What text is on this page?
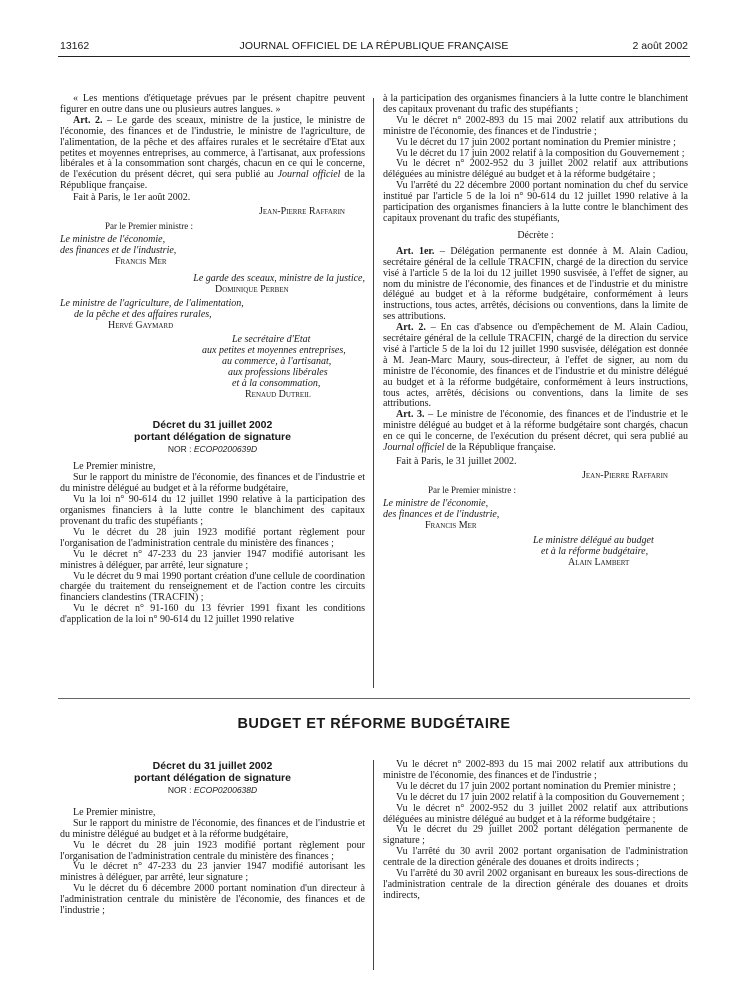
13162	JOURNAL OFFICIEL DE LA RÉPUBLIQUE FRANÇAISE	2 août 2002

« Les mentions d'étiquetage prévues par le présent chapitre peuvent figurer en outre dans une ou plusieurs autres langues. »

Art. 2. – Le garde des sceaux, ministre de la justice, le ministre de l'économie, des finances et de l'industrie, le ministre de l'agriculture, de l'alimentation, de la pêche et des affaires rurales et le secrétaire d'Etat aux petites et moyennes entreprises, au commerce, à l'artisanat, aux professions libérales et à la consommation sont chargés, chacun en ce qui le concerne, de l'exécution du présent décret, qui sera publié au Journal officiel de la République française.

Fait à Paris, le 1er août 2002.

Jean-Pierre Raffarin

Par le Premier ministre :

Le ministre de l'économie,

des finances et de l'industrie,

Francis Mer

Le garde des sceaux, ministre de la justice,

Dominique Perben

Le ministre de l'agriculture, de l'alimentation,

de la pêche et des affaires rurales,

Hervé Gaymard

Le secrétaire d'Etat

aux petites et moyennes entreprises,

au commerce, à l'artisanat,

aux professions libérales

et à la consommation,

Renaud Dutreil

Décret du 31 juillet 2002

portant délégation de signature

NOR : ECOP0200639D

Le Premier ministre,

Sur le rapport du ministre de l'économie, des finances et de l'industrie et du ministre délégué au budget et à la réforme budgétaire,

Vu la loi n° 90-614 du 12 juillet 1990 relative à la participation des organismes financiers à la lutte contre le blanchiment des capitaux provenant du trafic des stupéfiants ;

Vu le décret du 28 juin 1923 modifié portant règlement pour l'organisation de l'administration centrale du ministère des finances ;

Vu le décret n° 47-233 du 23 janvier 1947 modifié autorisant les ministres à déléguer, par arrêté, leur signature ;

Vu le décret du 9 mai 1990 portant création d'une cellule de coordination chargée du traitement du renseignement et de l'action contre les circuits financiers clandestins (TRACFIN) ;

Vu le décret n° 91-160 du 13 février 1991 fixant les conditions d'application de la loi n° 90-614 du 12 juillet 1990 relative

à la participation des organismes financiers à la lutte contre le blanchiment des capitaux provenant du trafic des stupéfiants ;

Vu le décret n° 2002-893 du 15 mai 2002 relatif aux attributions du ministre de l'économie, des finances et de l'industrie ;

Vu le décret du 17 juin 2002 portant nomination du Premier ministre ;

Vu le décret du 17 juin 2002 relatif à la composition du Gouvernement ;

Vu le décret n° 2002-952 du 3 juillet 2002 relatif aux attributions déléguées au ministre délégué au budget et à la réforme budgétaire ;

Vu l'arrêté du 22 décembre 2000 portant nomination du chef du service institué par l'article 5 de la loi n° 90-614 du 12 juillet 1990 relative à la participation des organismes financiers à la lutte contre le blanchiment des capitaux provenant du trafic des stupéfiants,

Décrète :

Art. 1er. – Délégation permanente est donnée à M. Alain Cadiou, secrétaire général de la cellule TRACFIN, chargé de la direction du service visé à l'article 5 de la loi du 12 juillet 1990 susvisée, à l'effet de signer, au nom du ministre de l'économie, des finances et de l'industrie et du ministre délégué au budget et à la réforme budgétaire, conformément à leurs instructions, tous actes, arrêtés, décisions ou conventions, dans la limite de ses attributions.

Art. 2. – En cas d'absence ou d'empêchement de M. Alain Cadiou, secrétaire général de la cellule TRACFIN, chargé de la direction du service visé à l'article 5 de la loi du 12 juillet 1990 susvisée, délégation est donnée à M. Jean-Marc Maury, sous-directeur, à l'effet de signer, au nom du ministre de l'économie, des finances et de l'industrie et du ministre délégué au budget et à la réforme budgétaire, conformément à leurs instructions, tous actes, arrêtés, décisions ou conventions, dans la limite de ses attributions.

Art. 3. – Le ministre de l'économie, des finances et de l'industrie et le ministre délégué au budget et à la réforme budgétaire sont chargés, chacun en ce qui le concerne, de l'exécution du présent décret, qui sera publié au Journal officiel de la République française.

Fait à Paris, le 31 juillet 2002.

Jean-Pierre Raffarin

Par le Premier ministre :

Le ministre de l'économie,

des finances et de l'industrie,

Francis Mer

Le ministre délégué au budget

et à la réforme budgétaire,

Alain Lambert

BUDGET ET RÉFORME BUDGÉTAIRE

Décret du 31 juillet 2002

portant délégation de signature

NOR : ECOP0200638D

Le Premier ministre,

Sur le rapport du ministre de l'économie, des finances et de l'industrie et du ministre délégué au budget et à la réforme budgétaire,

Vu le décret du 28 juin 1923 modifié portant règlement pour l'organisation de l'administration centrale du ministère des finances ;

Vu le décret n° 47-233 du 23 janvier 1947 modifié autorisant les ministres à déléguer, par arrêté, leur signature ;

Vu le décret du 6 décembre 2000 portant nomination d'un directeur à l'administration centrale du ministère de l'économie, des finances et de l'industrie ;

Vu le décret n° 2002-893 du 15 mai 2002 relatif aux attributions du ministre de l'économie, des finances et de l'industrie ;

Vu le décret du 17 juin 2002 portant nomination du Premier ministre ;

Vu le décret du 17 juin 2002 relatif à la composition du Gouvernement ;

Vu le décret n° 2002-952 du 3 juillet 2002 relatif aux attributions déléguées au ministre délégué au budget et à la réforme budgétaire ;

Vu le décret du 29 juillet 2002 portant délégation permanente de signature ;

Vu l'arrêté du 30 avril 2002 portant organisation de l'administration centrale de la direction générale des douanes et droits indirects ;

Vu l'arrêté du 30 avril 2002 organisant en bureaux les sous-directions de l'administration centrale de la direction générale des douanes et droits indirects,
